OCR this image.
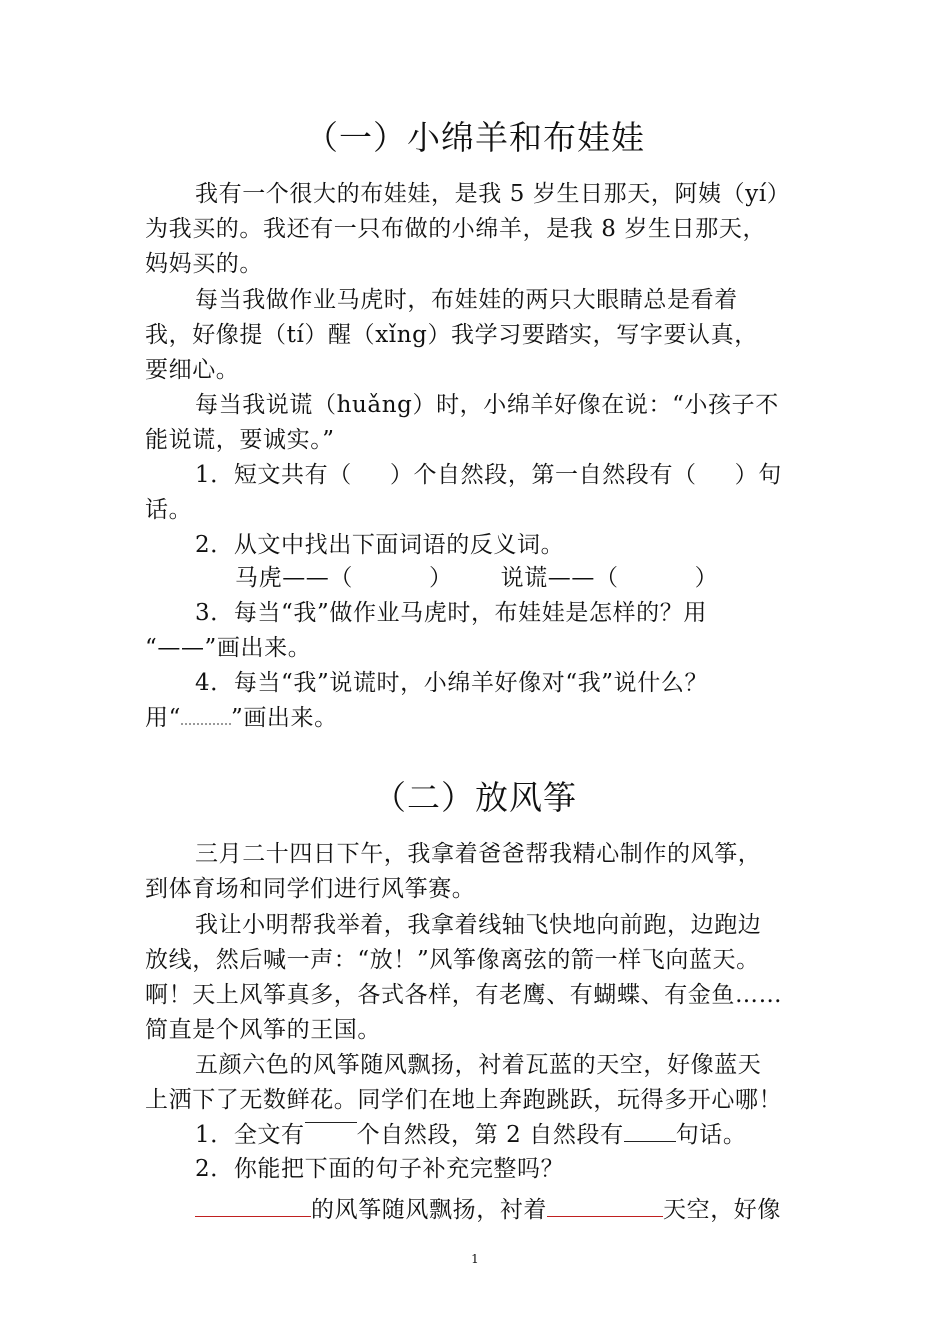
（一）小绵羊和布娃娃
我有一个很大的布娃娃，是我 5 岁生日那天，阿姨（yí）
为我买的。我还有一只布做的小绵羊，是我 8 岁生日那天，
妈妈买的。
每当我做作业马虎时，布娃娃的两只大眼睛总是看着
我，好像提（tí）醒（xǐng）我学习要踏实，写字要认真，
要细心。
每当我说谎（huǎng）时，小绵羊好像在说：“小孩子不
能说谎，要诚实。”
1．短文共有（ ）个自然段，第一自然段有（ ）句
话。
2．从文中找出下面词语的反义词。
马虎——（	） 说谎——（	）
3．每当“我”做作业马虎时，布娃娃是怎样的？用
“——”画出来。
4．每当“我”说谎时，小绵羊好像对“我”说什么？
用“ ”画出来。
（二）放风筝
三月二十四日下午，我拿着爸爸帮我精心制作的风筝，
到体育场和同学们进行风筝赛。
我让小明帮我举着，我拿着线轴飞快地向前跑，边跑边
放线，然后喊一声：“放！”风筝像离弦的箭一样飞向蓝天。
啊！天上风筝真多，各式各样，有老鹰、有蝴蝶、有金鱼……
简直是个风筝的王国。
五颜六色的风筝随风飘扬，衬着瓦蓝的天空，好像蓝天
上洒下了无数鲜花。同学们在地上奔跑跳跃，玩得多开心哪！
1．全文有 个自然段，第 2 自然段有 句话。
2．你能把下面的句子补充完整吗？
的风筝随风飘扬，衬着	天空，好像
1
